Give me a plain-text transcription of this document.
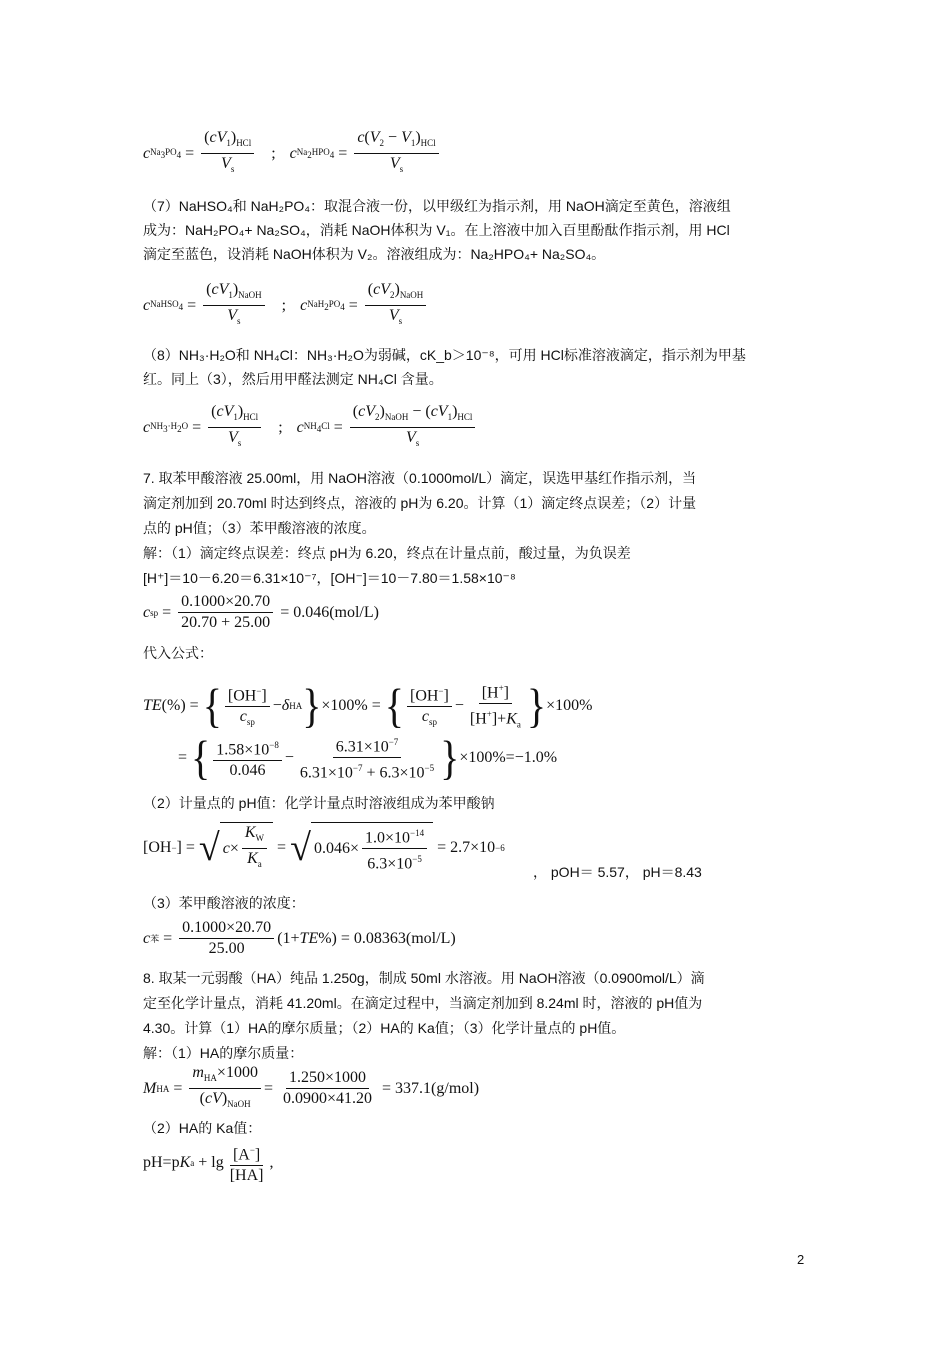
c $Na_3PO_4 = \frac{(cV_1)_{HCl}}{V_s}$ ; c $Na_2HPO_4 = \frac{c(V_2 - V_1)_{HCl}}{V_s}$
（7）NaHSO₄和 NaH₂PO₄：取混合液一份，以甲级红为指示剂，用 NaOH滴定至黄色，溶液组
成为：NaH₂PO₄+ Na₂SO₄，消耗 NaOH体积为 V₁。在上溶液中加入百里酚酞作指示剂，用 HCl
滴定至蓝色，设消耗 NaOH体积为 V₂。溶液组成为：Na₂HPO₄+ Na₂SO₄。
c NaHSO$_4$ = $\frac{(cV_1)_{NaOH}}{V_s}$ ; c $NaH_2PO_4 = \frac{(cV_2)_{NaOH}}{V_s}$
（8）NH₃·H₂O和 NH₄Cl：NH₃·H₂O为弱碱，cK_b＞10⁻⁸，可用 HCl标准溶液滴定，指示剂为甲基
红。同上（3），然后用甲醛法测定 NH₄Cl 含量。
c $NH_3\cdot H_2O = \frac{(cV_1)_{HCl}}{V_s}$ ; c $NH_4Cl = \frac{(cV_2)_{NaOH} - (cV_1)_{HCl}}{V_s}$
7. 取苯甲酸溶液 25.00ml，用 NaOH溶液（0.1000mol/L）滴定，误选甲基红作指示剂，当
滴定剂加到 20.70ml 时达到终点，溶液的 pH为 6.20。计算（1）滴定终点误差；（2）计量
点的 pH值；（3）苯甲酸溶液的浓度。
解：（1）滴定终点误差：终点 pH为 6.20，终点在计量点前，酸过量，为负误差
[H⁺]＝10－6.20＝6.31×10⁻⁷，[OH⁻]＝10－7.80＝1.58×10⁻⁸
c sp = $\frac{0.1000\times 20.70}{20.70 + 25.00} = 0.046(mol/L)$
代入公式：
TE (%) = { $\frac{[OH^-]}{c_{sp}} - \delta$ HA } ×100% = { $\frac{[OH^-]}{c_{sp}} - \frac{[H^+]}{[H^+]+K_a}$ } ×100%
= { $\frac{1.58\times 10^{-8}}{0.046} - \frac{6.31\times 10^{-7}}{6.31\times 10^{-7} + 6.3\times 10^{-5}}$ } ×100%=−1.0%
（2）计量点的 pH值：化学计量点时溶液组成为苯甲酸钠
[OH − ] = √ $c \times \frac{K_W}{K_a}$ = √ $0.046\times \frac{1.0\times 10^{-14}}{6.3\times 10^{-5}} = 2.7\times 10 -6$
， pOH＝ 5.57， pH＝8.43
（3）苯甲酸溶液的浓度：
c 苯 = $\frac{0.1000\times 20.70}{25.00} (1+$ TE %) = 0.08363(mol/L)
8. 取某一元弱酸（HA）纯品 1.250g，制成 50ml 水溶液。用 NaOH溶液（0.0900mol/L）滴
定至化学计量点，消耗 41.20ml。在滴定过程中，当滴定剂加到 8.24ml 时，溶液的 pH值为
4.30。计算（1）HA的摩尔质量；（2）HA的 Ka值；（3）化学计量点的 pH值。
解：（1）HA的摩尔质量：
M HA = $\frac{m_{HA}\times 1000}{(cV)_{NaOH}} = \frac{1.250\times 1000}{0.0900\times 41.20} = 337.1(g/mol)$
（2）HA的 Ka值：
pH=p K $a + \lg \frac{[A^-]}{[HA]}$ ,
2
